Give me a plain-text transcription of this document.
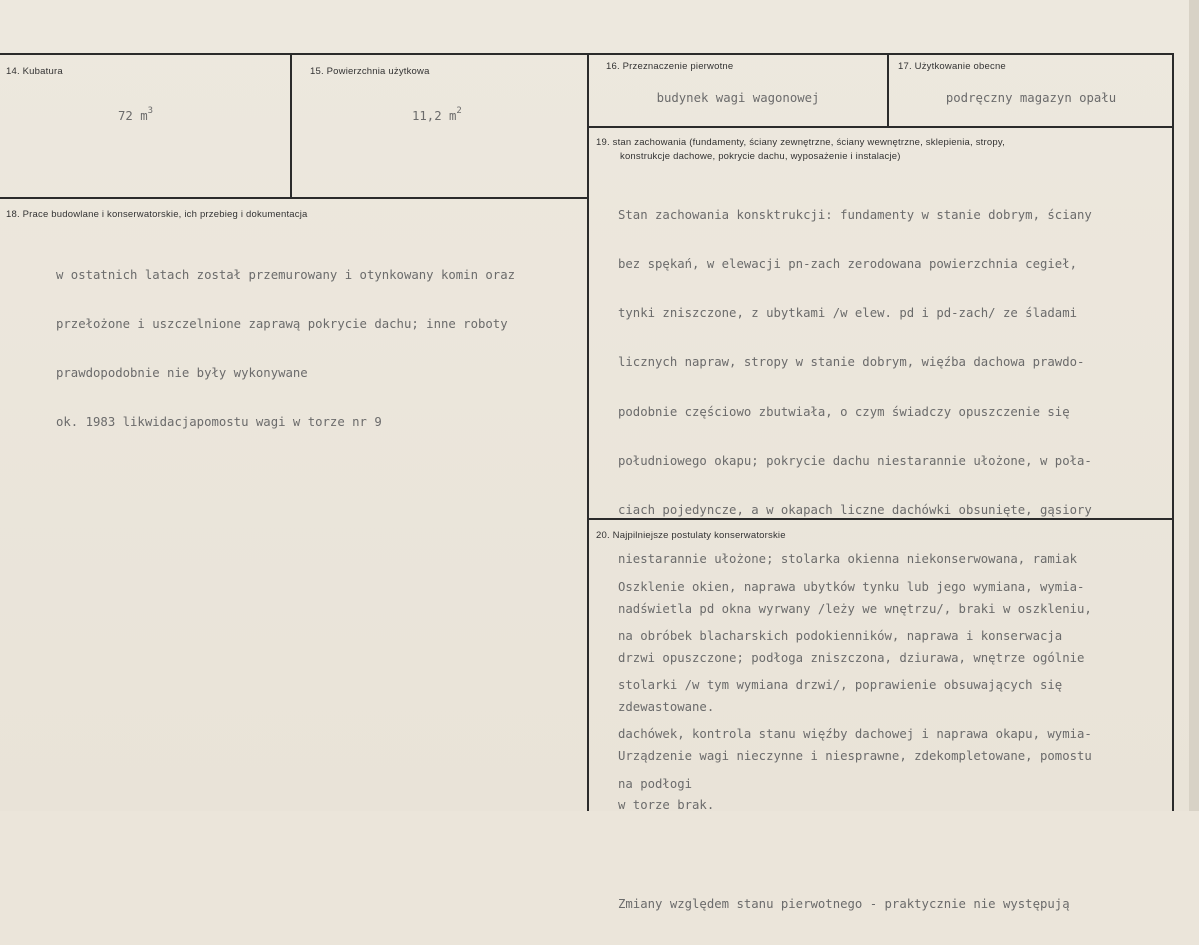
14. Kubatura
72 $m^3$
15. Powierzchnia użytkowa
11,2 $m^2$
16. Przeznaczenie pierwotne
budynek wagi wagonowej
17. Użytkowanie obecne
podręczny magazyn opału
18. Prace budowlane i konserwatorskie, ich przebieg i dokumentacja

w ostatnich latach został przemurowany i otynkowany komin oraz

przełożone i uszczelnione zaprawą pokrycie dachu; inne roboty

prawdopodobnie nie były wykonywane

ok. 1983 likwidacjapomostu wagi w torze nr 9

19. stan zachowania (fundamenty, ściany zewnętrzne, ściany wewnętrzne, sklepienia, stropy,
konstrukcje dachowe, pokrycie dachu, wyposażenie i instalacje)

Stan zachowania konsktrukcji: fundamenty w stanie dobrym, ściany

bez spękań, w elewacji pn-zach zerodowana powierzchnia cegieł,

tynki zniszczone, z ubytkami /w elew. pd i pd-zach/ ze śladami

licznych napraw, stropy w stanie dobrym, więźba dachowa prawdo-

podobnie częściowo zbutwiała, o czym świadczy opuszczenie się

południowego okapu; pokrycie dachu niestarannie ułożone, w poła-

ciach pojedyncze, a w okapach liczne dachówki obsunięte, gąsiory

niestarannie ułożone; stolarka okienna niekonserwowana, ramiak

nadświetla pd okna wyrwany /leży we wnętrzu/, braki w oszkleniu,

drzwi opuszczone; podłoga zniszczona, dziurawa, wnętrze ogólnie

zdewastowane.

Urządzenie wagi nieczynne i niesprawne, zdekompletowane, pomostu

w torze brak.

Zmiany względem stanu pierwotnego - praktycznie nie występują

20. Najpilniejsze postulaty konserwatorskie

Oszklenie okien, naprawa ubytków tynku lub jego wymiana, wymia-

na obróbek blacharskich podokienników, naprawa i konserwacja

stolarki /w tym wymiana drzwi/, poprawienie obsuwających się

dachówek, kontrola stanu więźby dachowej i naprawa okapu, wymia-

na podłogi
